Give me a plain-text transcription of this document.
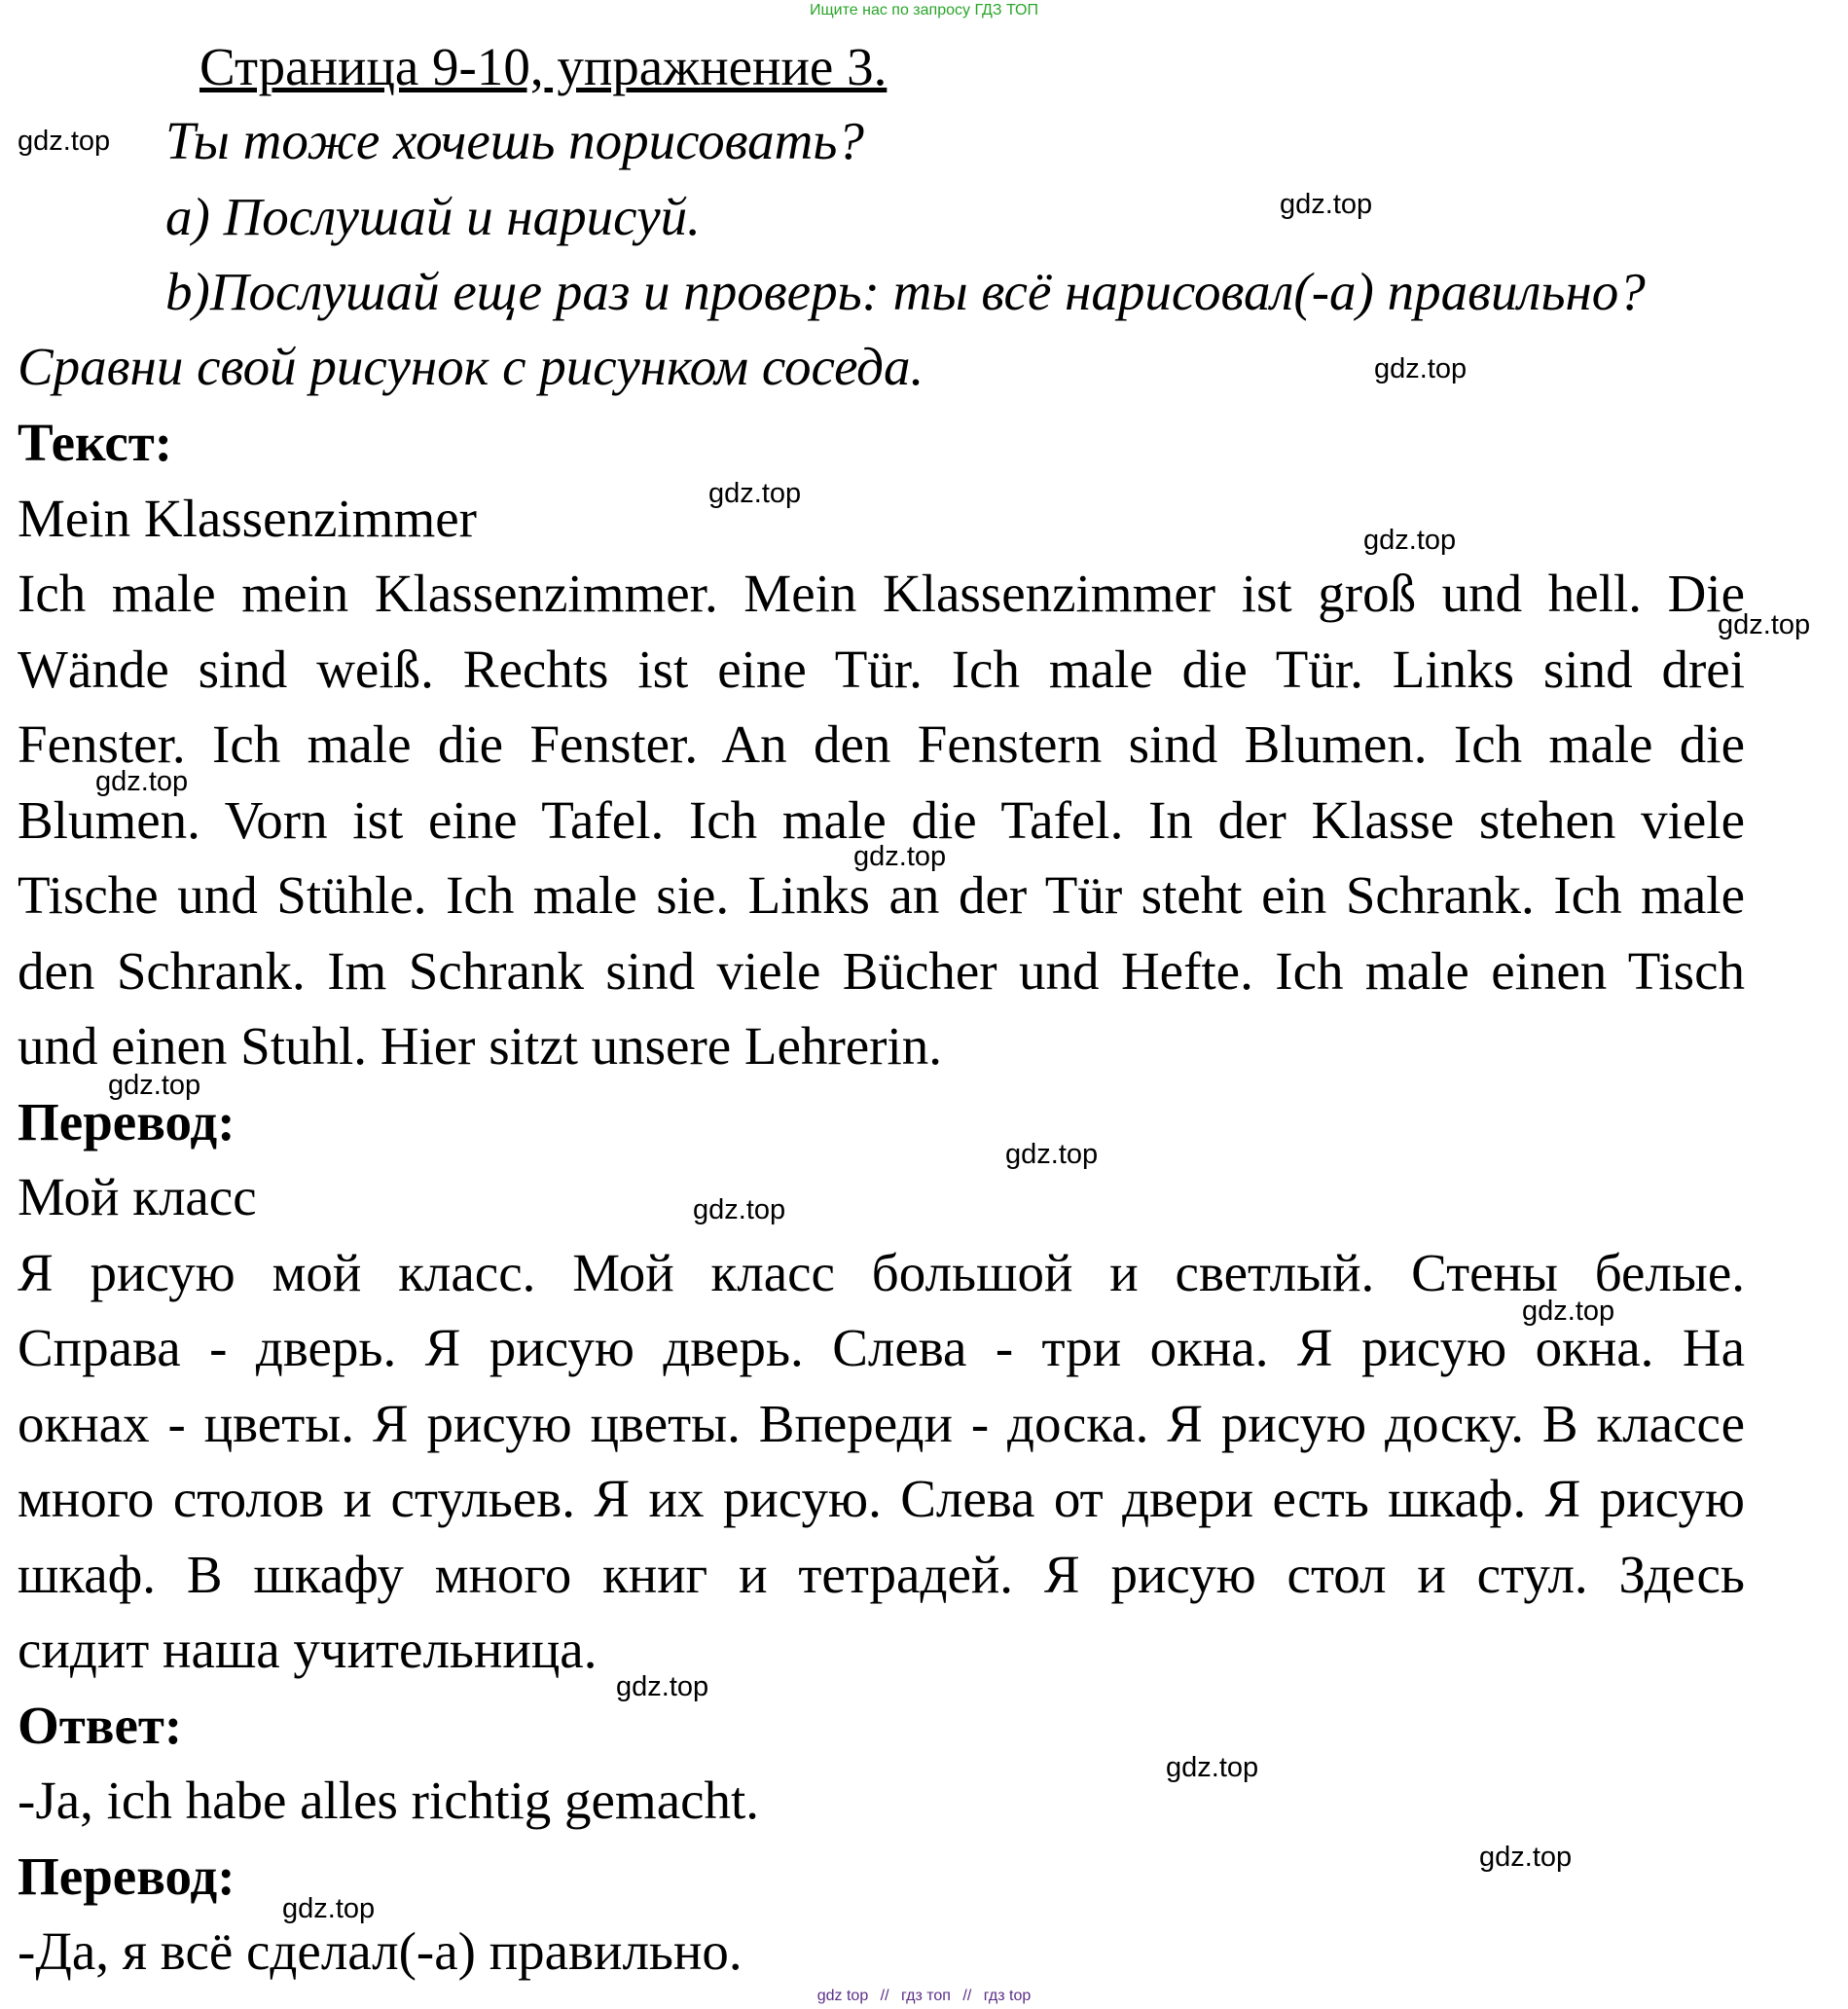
Ищите нас по запросу ГДЗ ТОП
Страница 9-10, упражнение 3.
Ты тоже хочешь порисовать?
а) Послушай и нарисуй.
b)Послушай еще раз и проверь: ты всё нарисовал(-а) правильно?
Сравни свой рисунок с рисунком соседа.
Текст:
Mein Klassenzimmer
Ich male mein Klassenzimmer. Mein Klassenzimmer ist groß und hell. Die
Wände sind weiß. Rechts ist eine Tür. Ich male die Tür. Links sind drei
Fenster. Ich male die Fenster. An den Fenstern sind Blumen. Ich male die
Blumen. Vorn ist eine Tafel. Ich male die Tafel. In der Klasse stehen viele
Tische und Stühle. Ich male sie. Links an der Tür steht ein Schrank. Ich male
den Schrank. Im Schrank sind viele Bücher und Hefte. Ich male einen Tisch
und einen Stuhl. Hier sitzt unsere Lehrerin.
Перевод:
Мой класс
Я рисую мой класс. Мой класс большой и светлый. Стены белые.
Справа - дверь. Я рисую дверь. Слева - три окна. Я рисую окна. На
окнах - цветы. Я рисую цветы. Впереди - доска. Я рисую доску. В классе
много столов и стульев. Я их рисую. Слева от двери есть шкаф. Я рисую
шкаф. В шкафу много книг и тетрадей. Я рисую стол и стул. Здесь
сидит наша учительница.
Ответ:
-Ja, ich habe alles richtig gemacht.
Перевод:
-Да, я всё сделал(-а) правильно.
gdz.top
gdz.top
gdz.top
gdz.top
gdz.top
gdz.top
gdz.top
gdz.top
gdz.top
gdz.top
gdz.top
gdz.top
gdz.top
gdz.top
gdz.top
gdz.top
gdz top // гдз топ // гдз top
